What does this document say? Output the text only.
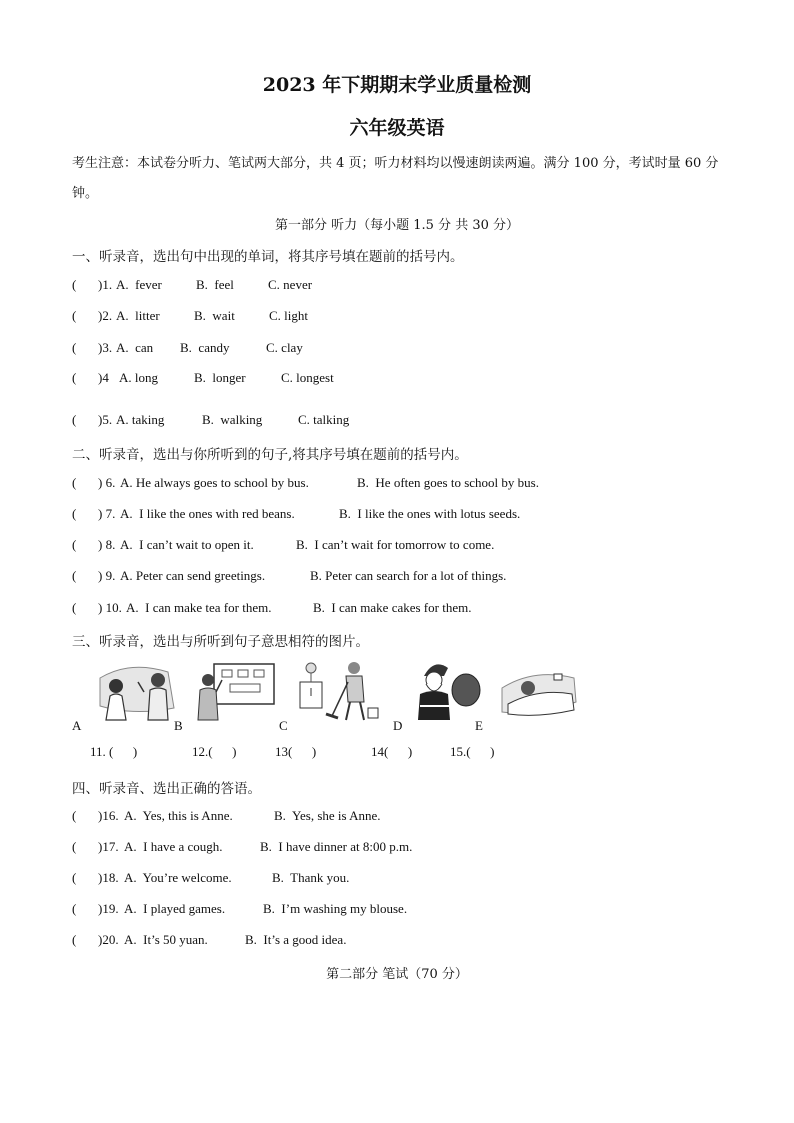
2023 年下期期末学业质量检测
六年级英语
考生注意：本试卷分听力、笔试两大部分，共 4 页；听力材料均以慢速朗读两遍。满分 100 分，考试时量 60 分钟。
第一部分 听力（每小题 1.5 分 共 30 分）
一、听录音，选出句中出现的单词，将其序号填在题前的括号内。
( )1. A.  fever	B.  feel	C. never
( )2. A.  litter	B.  wait	C. light
( )3. A.  can B.  candy	C. clay
( )4 A. long	B.  longer	C. longest
( )5. A. taking	B.  walking	C. talking
二、听录音，选出与你所听到的句子,将其序号填在题前的括号内。
( ) 6. A. He always goes to school by bus.	B.  He often goes to school by bus.
( ) 7. A.  I like the ones with red beans.	B.  I like the ones with lotus seeds.
( ) 8. A.  I can’t wait to open it.	B.  I can’t wait for tomorrow to come.
( ) 9. A. Peter can send greetings.	B. Peter can search for a lot of things.
( ) 10. A.  I can make tea for them.	B.  I can make cakes for them.
三、听录音，选出与所听到句子意思相符的图片。
A	B	C	D	E
11. (      )	12.(      )	13(      )	14(      )	15.(      )
四、听录音、选出正确的答语。
( )16. A.  Yes, this is Anne.	B.  Yes, she is Anne.
( )17. A.  I have a cough.	B.  I have dinner at 8:00 p.m.
( )18. A.  You’re welcome.	B.  Thank you.
( )19. A.  I played games.	B.  I’m washing my blouse.
( )20. A.  It’s 50 yuan.	B.  It’s a good idea.
第二部分 笔试（70 分）
